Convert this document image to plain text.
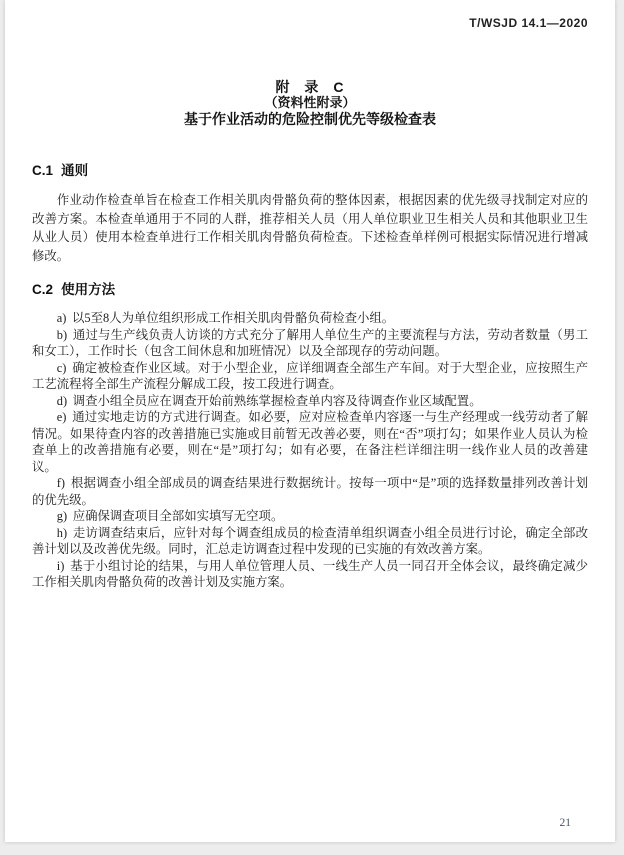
T/WSJD 14.1—2020
附 录 C
（资料性附录）
基于作业活动的危险控制优先等级检查表
C.1 通则

作业动作检查单旨在检查工作相关肌肉骨骼负荷的整体因素，根据因素的优先级寻找制定对应的改善方案。本检查单通用于不同的人群，推荐相关人员（用人单位职业卫生相关人员和其他职业卫生从业人员）使用本检查单进行工作相关肌肉骨骼负荷检查。下述检查单样例可根据实际情况进行增减修改。

C.2 使用方法

a) 以5至8人为单位组织形成工作相关肌肉骨骼负荷检查小组。

b) 通过与生产线负责人访谈的方式充分了解用人单位生产的主要流程与方法，劳动者数量（男工和女工），工作时长（包含工间休息和加班情况）以及全部现存的劳动问题。

c) 确定被检查作业区域。对于小型企业，应详细调查全部生产车间。对于大型企业，应按照生产工艺流程将全部生产流程分解成工段，按工段进行调查。

d) 调查小组全员应在调查开始前熟练掌握检查单内容及待调查作业区域配置。

e) 通过实地走访的方式进行调查。如必要，应对应检查单内容逐一与生产经理或一线劳动者了解情况。如果待查内容的改善措施已实施或目前暂无改善必要，则在“否”项打勾；如果作业人员认为检查单上的改善措施有必要，则在“是”项打勾；如有必要，在备注栏详细注明一线作业人员的改善建议。

f) 根据调查小组全部成员的调查结果进行数据统计。按每一项中“是”项的选择数量排列改善计划的优先级。

g) 应确保调查项目全部如实填写无空项。

h) 走访调查结束后，应针对每个调查组成员的检查清单组织调查小组全员进行讨论，确定全部改善计划以及改善优先级。同时，汇总走访调查过程中发现的已实施的有效改善方案。

i) 基于小组讨论的结果，与用人单位管理人员、一线生产人员一同召开全体会议，最终确定减少工作相关肌肉骨骼负荷的改善计划及实施方案。

21
